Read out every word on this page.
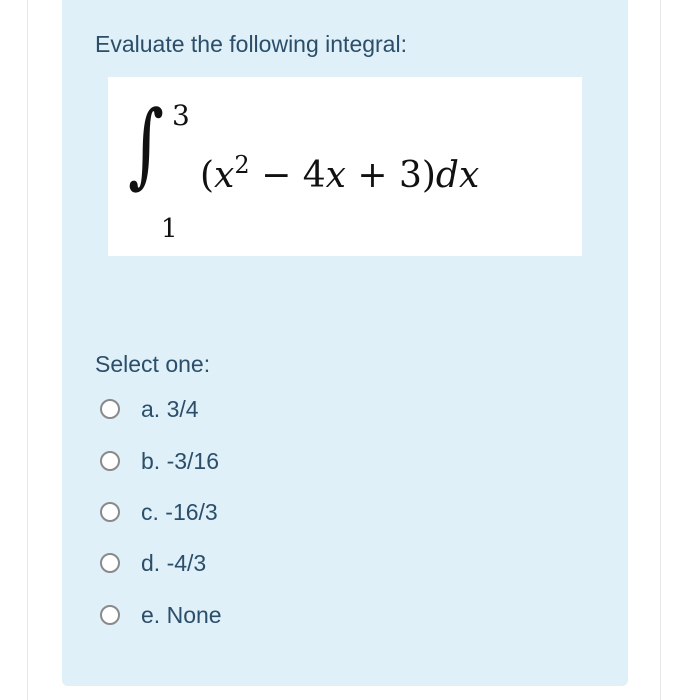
Evaluate the following integral:
∫ 3
1
$(x^2 - 4x + 3)dx$
Select one:
a. 3/4
b. -3/16
c. -16/3
d. -4/3
e. None
